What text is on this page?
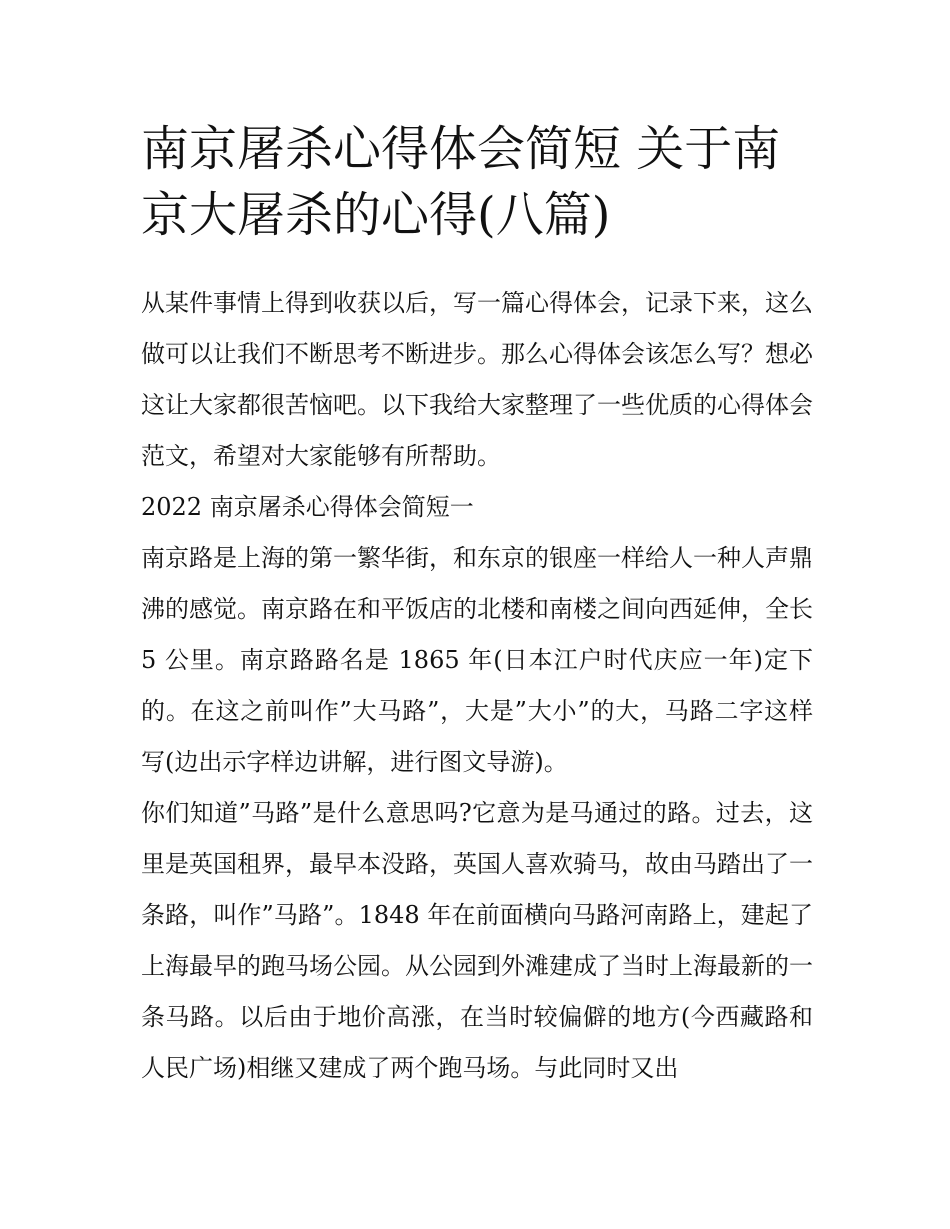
南京屠杀心得体会简短 关于南京大屠杀的心得(八篇)

从某件事情上得到收获以后，写一篇心得体会，记录下来，这么做可以让我们不断思考不断进步。那么心得体会该怎么写？想必这让大家都很苦恼吧。以下我给大家整理了一些优质的心得体会范文，希望对大家能够有所帮助。

2022 南京屠杀心得体会简短一

南京路是上海的第一繁华街，和东京的银座一样给人一种人声鼎沸的感觉。南京路在和平饭店的北楼和南楼之间向西延伸，全长 5 公里。南京路路名是 1865 年(日本江户时代庆应一年)定下的。在这之前叫作”大马路”，大是”大小”的大，马路二字这样写(边出示字样边讲解，进行图文导游)。

你们知道”马路”是什么意思吗?它意为是马通过的路。过去，这里是英国租界，最早本没路，英国人喜欢骑马，故由马踏出了一条路，叫作”马路”。1848 年在前面横向马路河南路上，建起了上海最早的跑马场公园。从公园到外滩建成了当时上海最新的一条马路。以后由于地价高涨，在当时较偏僻的地方(今西藏路和人民广场)相继又建成了两个跑马场。与此同时又出
